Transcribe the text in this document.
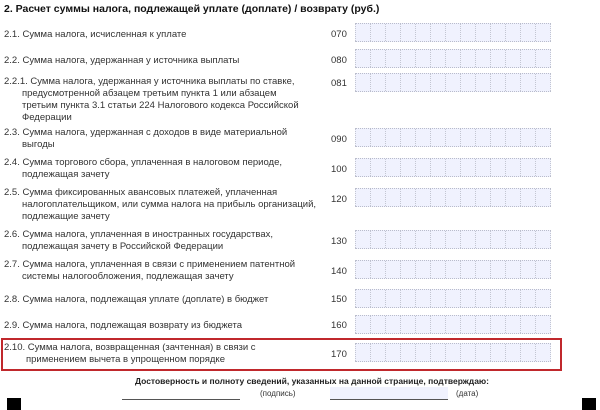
2. Расчет суммы налога, подлежащей уплате (доплате) / возврату (руб.)
2.1. Сумма налога, исчисленная к уплате	070
2.2. Сумма налога, удержанная у источника выплаты	080
2.2.1. Сумма налога, удержанная у источника выплаты по ставке,
предусмотренной абзацем третьим пункта 1 или абзацем
третьим пункта 3.1 статьи 224 Налогового кодекса Российской
Федерации
081
2.3. Сумма налога, удержанная с доходов в виде материальной
выгоды	090
2.4. Сумма торгового сбора, уплаченная в налоговом периоде,
подлежащая зачету	100
2.5. Сумма фиксированных авансовых платежей, уплаченная
налогоплательщиком, или сумма налога на прибыль организаций,
подлежащие зачету
120
2.6. Сумма налога, уплаченная в иностранных государствах,
подлежащая зачету в Российской Федерации	130
2.7. Сумма налога, уплаченная в связи с применением патентной
системы налогообложения, подлежащая зачету	140
2.8. Сумма налога, подлежащая уплате (доплате) в бюджет	150
2.9. Сумма налога, подлежащая возврату из бюджета	160
2.10. Сумма налога, возвращенная (зачтенная) в связи с
применением вычета в упрощенном порядке	170
Достоверность и полноту сведений, указанных на данной странице, подтверждаю:
(подпись)	(дата)
